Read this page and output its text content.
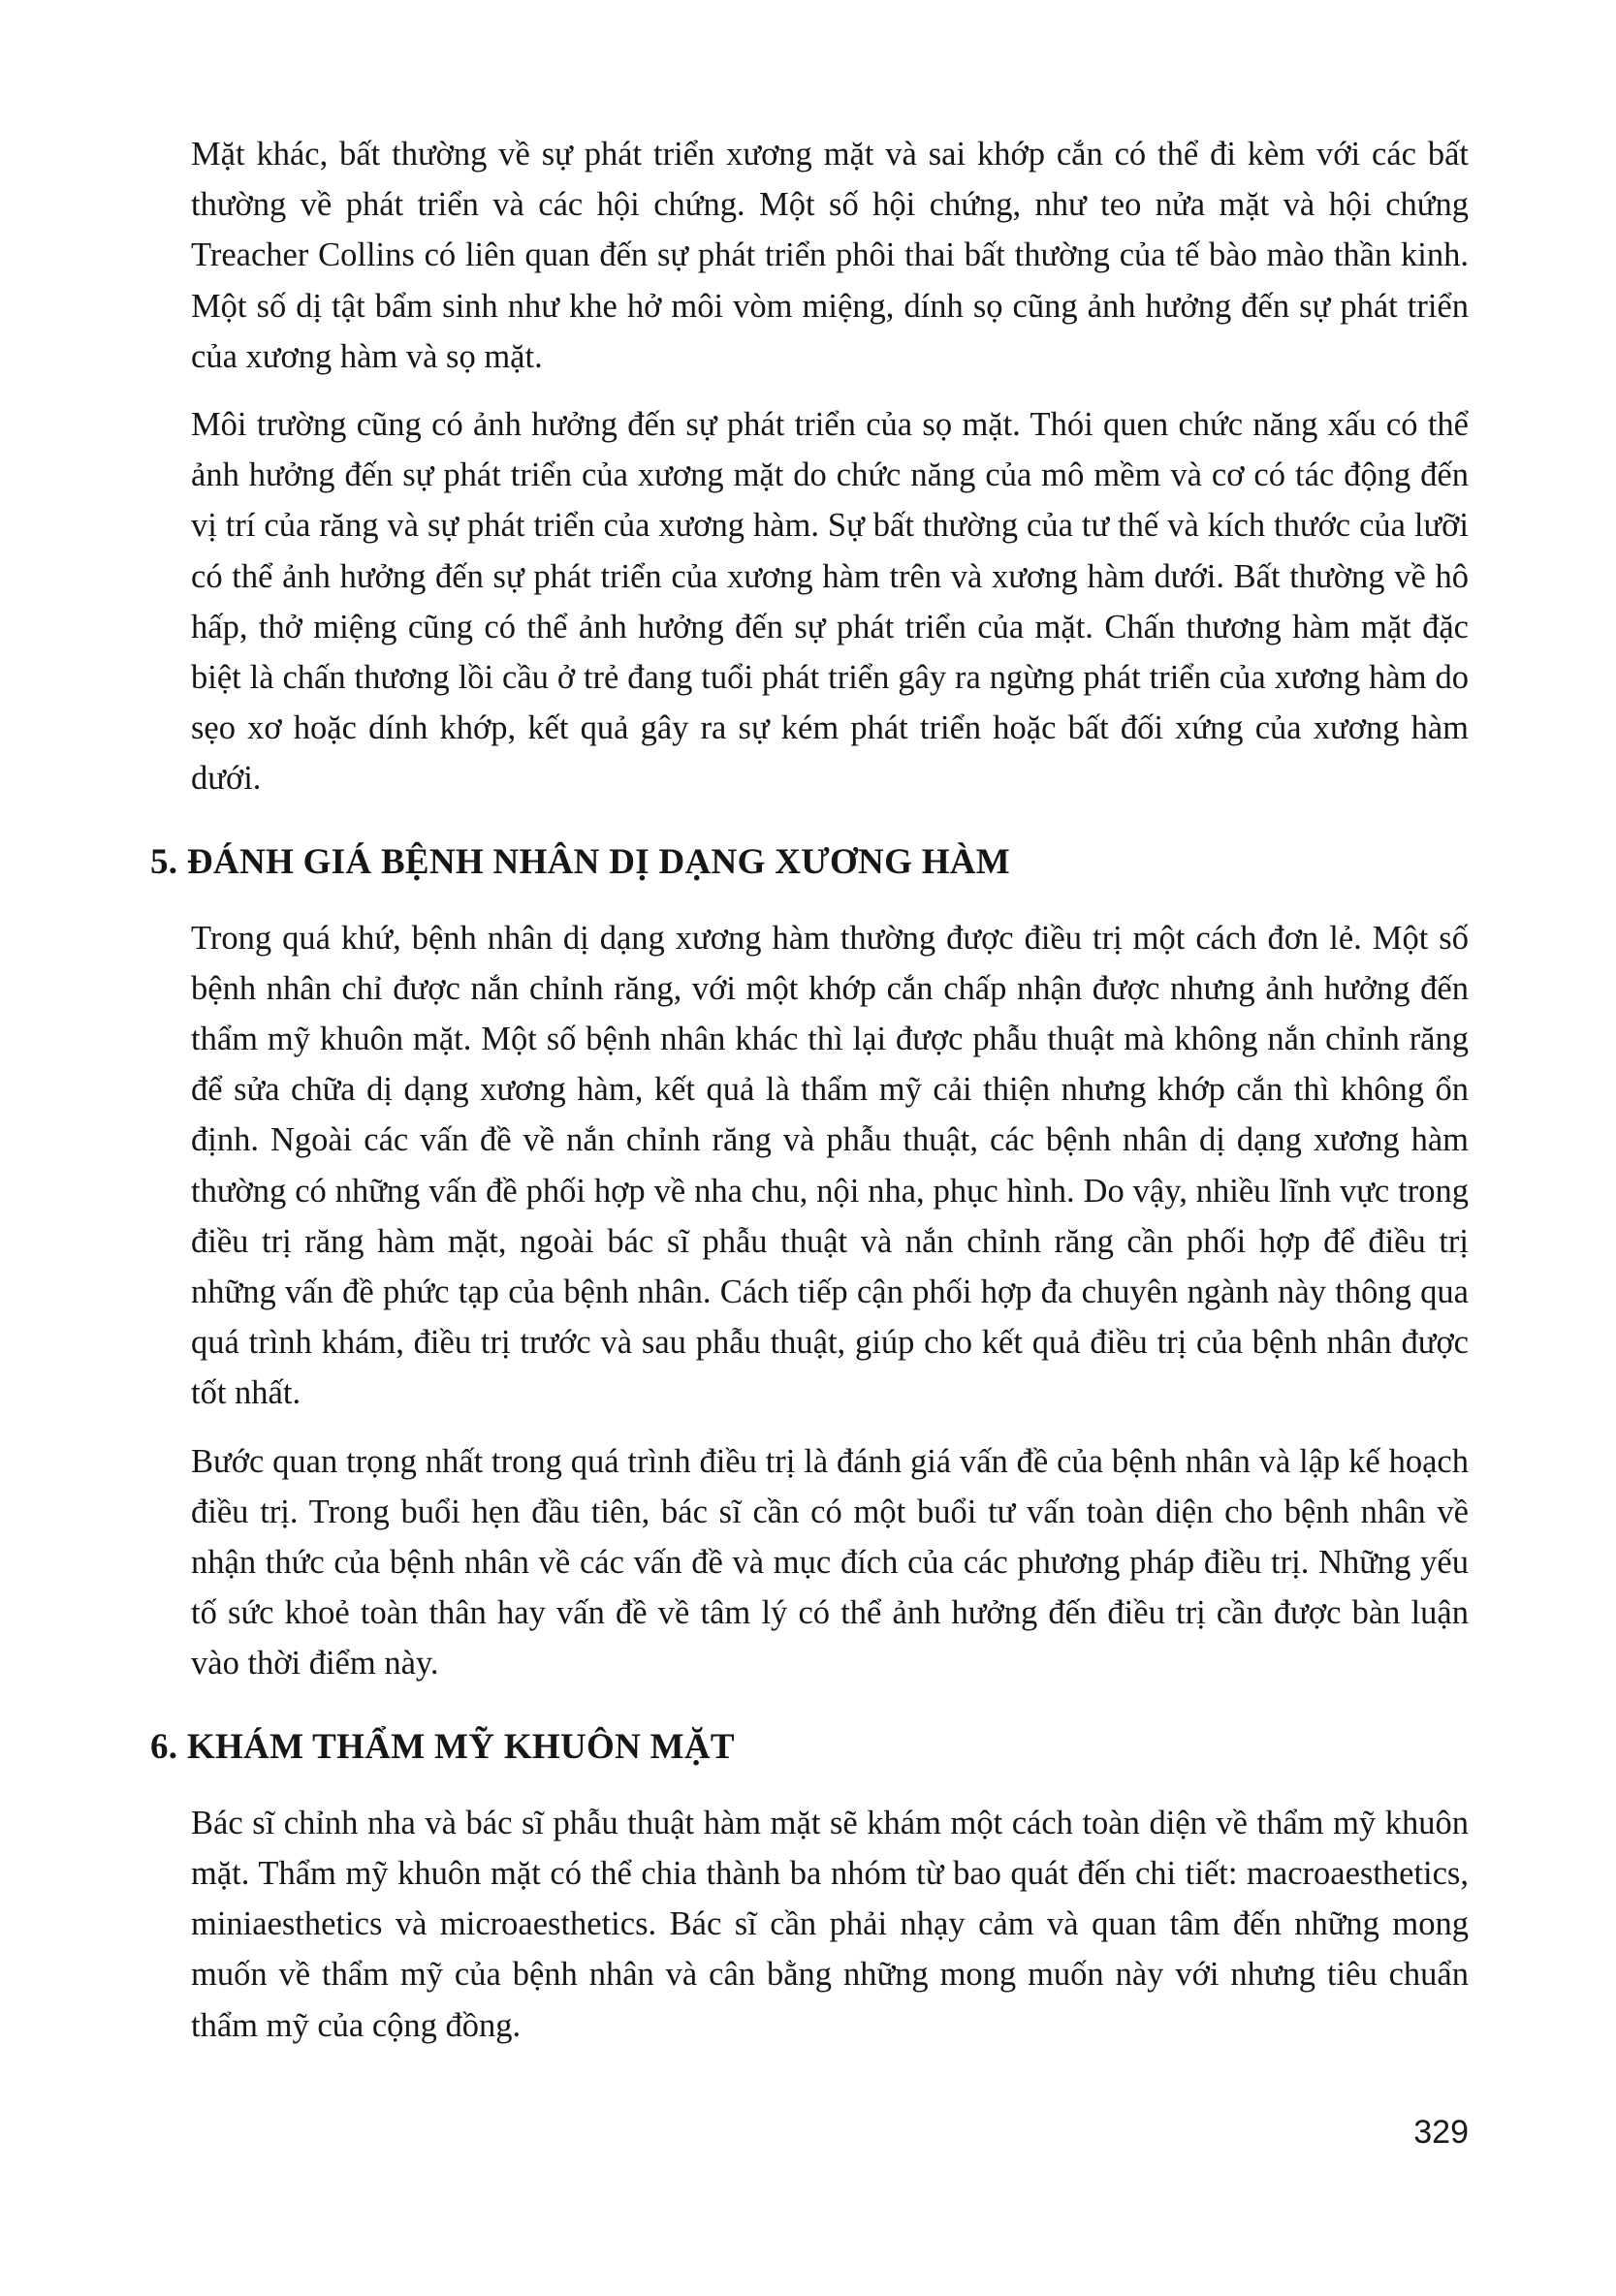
Mặt khác, bất thường về sự phát triển xương mặt và sai khớp cắn có thể đi kèm với các bất thường về phát triển và các hội chứng. Một số hội chứng, như teo nửa mặt và hội chứng Treacher Collins có liên quan đến sự phát triển phôi thai bất thường của tế bào mào thần kinh. Một số dị tật bẩm sinh như khe hở môi vòm miệng, dính sọ cũng ảnh hưởng đến sự phát triển của xương hàm và sọ mặt.

Môi trường cũng có ảnh hưởng đến sự phát triển của sọ mặt. Thói quen chức năng xấu có thể ảnh hưởng đến sự phát triển của xương mặt do chức năng của mô mềm và cơ có tác động đến vị trí của răng và sự phát triển của xương hàm. Sự bất thường của tư thế và kích thước của lưỡi có thể ảnh hưởng đến sự phát triển của xương hàm trên và xương hàm dưới. Bất thường về hô hấp, thở miệng cũng có thể ảnh hưởng đến sự phát triển của mặt. Chấn thương hàm mặt đặc biệt là chấn thương lồi cầu ở trẻ đang tuổi phát triển gây ra ngừng phát triển của xương hàm do sẹo xơ hoặc dính khớp, kết quả gây ra sự kém phát triển hoặc bất đối xứng của xương hàm dưới.

5. ĐÁNH GIÁ BỆNH NHÂN DỊ DẠNG XƯƠNG HÀM

Trong quá khứ, bệnh nhân dị dạng xương hàm thường được điều trị một cách đơn lẻ. Một số bệnh nhân chỉ được nắn chỉnh răng, với một khớp cắn chấp nhận được nhưng ảnh hưởng đến thẩm mỹ khuôn mặt. Một số bệnh nhân khác thì lại được phẫu thuật mà không nắn chỉnh răng để sửa chữa dị dạng xương hàm, kết quả là thẩm mỹ cải thiện nhưng khớp cắn thì không ổn định. Ngoài các vấn đề về nắn chỉnh răng và phẫu thuật, các bệnh nhân dị dạng xương hàm thường có những vấn đề phối hợp về nha chu, nội nha, phục hình. Do vậy, nhiều lĩnh vực trong điều trị răng hàm mặt, ngoài bác sĩ phẫu thuật và nắn chỉnh răng cần phối hợp để điều trị những vấn đề phức tạp của bệnh nhân. Cách tiếp cận phối hợp đa chuyên ngành này thông qua quá trình khám, điều trị trước và sau phẫu thuật, giúp cho kết quả điều trị của bệnh nhân được tốt nhất.

Bước quan trọng nhất trong quá trình điều trị là đánh giá vấn đề của bệnh nhân và lập kế hoạch điều trị. Trong buổi hẹn đầu tiên, bác sĩ cần có một buổi tư vấn toàn diện cho bệnh nhân về nhận thức của bệnh nhân về các vấn đề và mục đích của các phương pháp điều trị. Những yếu tố sức khoẻ toàn thân hay vấn đề về tâm lý có thể ảnh hưởng đến điều trị cần được bàn luận vào thời điểm này.

6. KHÁM THẨM MỸ KHUÔN MẶT

Bác sĩ chỉnh nha và bác sĩ phẫu thuật hàm mặt sẽ khám một cách toàn diện về thẩm mỹ khuôn mặt. Thẩm mỹ khuôn mặt có thể chia thành ba nhóm từ bao quát đến chi tiết: macroaesthetics, miniaesthetics và microaesthetics. Bác sĩ cần phải nhạy cảm và quan tâm đến những mong muốn về thẩm mỹ của bệnh nhân và cân bằng những mong muốn này với nhưng tiêu chuẩn thẩm mỹ của cộng đồng.

329
